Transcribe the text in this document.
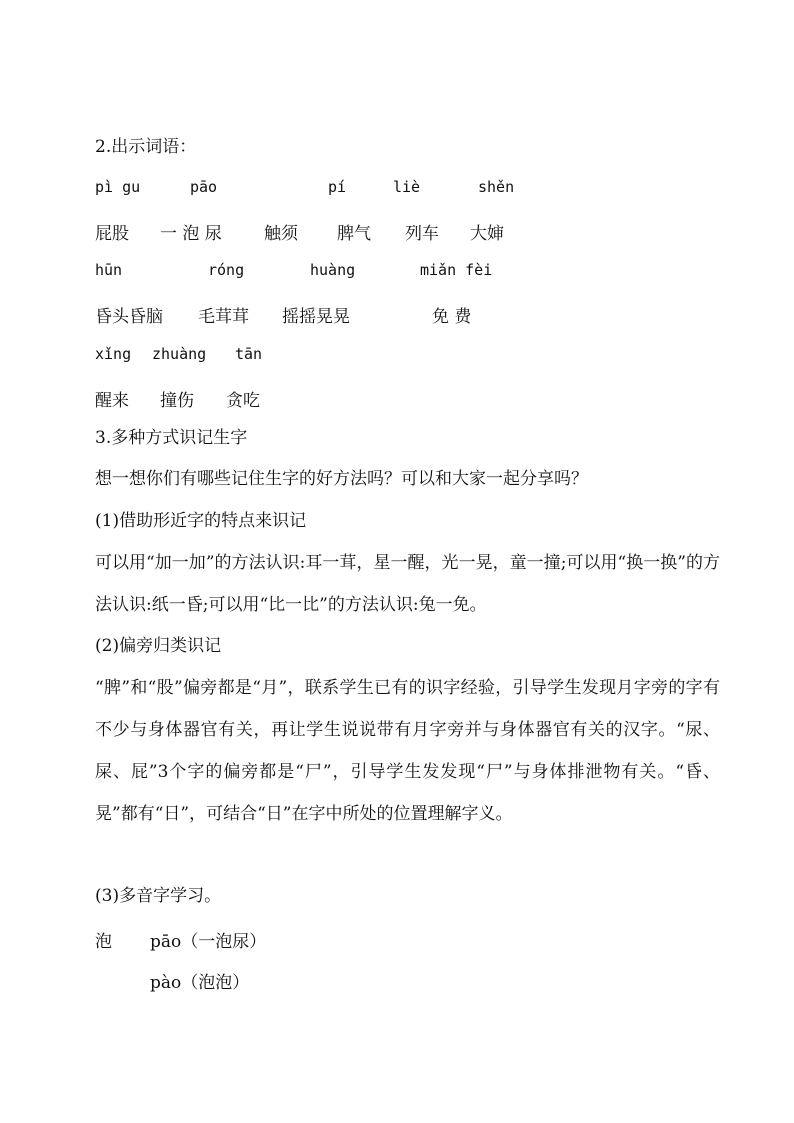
2.出示词语：
pì gu	pāo	pí	liè	shěn
屁股 一 泡 尿 触须 脾气 列车 大婶
hūn	róng	huàng	miǎn fèi
昏头昏脑 毛茸茸 摇摇晃晃	免 费
xǐng zhuàng tān
醒来 撞伤 贪吃
3.多种方式识记生字
想一想你们有哪些记住生字的好方法吗？可以和大家一起分享吗？
(1)借助形近字的特点来识记
可以用“加一加”的方法认识:耳一茸，星一醒，光一晃，童一撞;可以用“换一换”的方法认识:纸一昏;可以用“比一比”的方法认识:兔一免。
(2)偏旁归类识记
“脾”和“股”偏旁都是“月”，联系学生已有的识字经验，引导学生发现月字旁的字有不少与身体器官有关，再让学生说说带有月字旁并与身体器官有关的汉字。“尿、屎、屁”3个字的偏旁都是“尸”，引导学生发发现“尸”与身体排泄物有关。“昏、晃”都有“日”，可结合“日”在字中所处的位置理解字义。
(3)多音字学习。
泡 pāo（一泡尿）
pào（泡泡）
